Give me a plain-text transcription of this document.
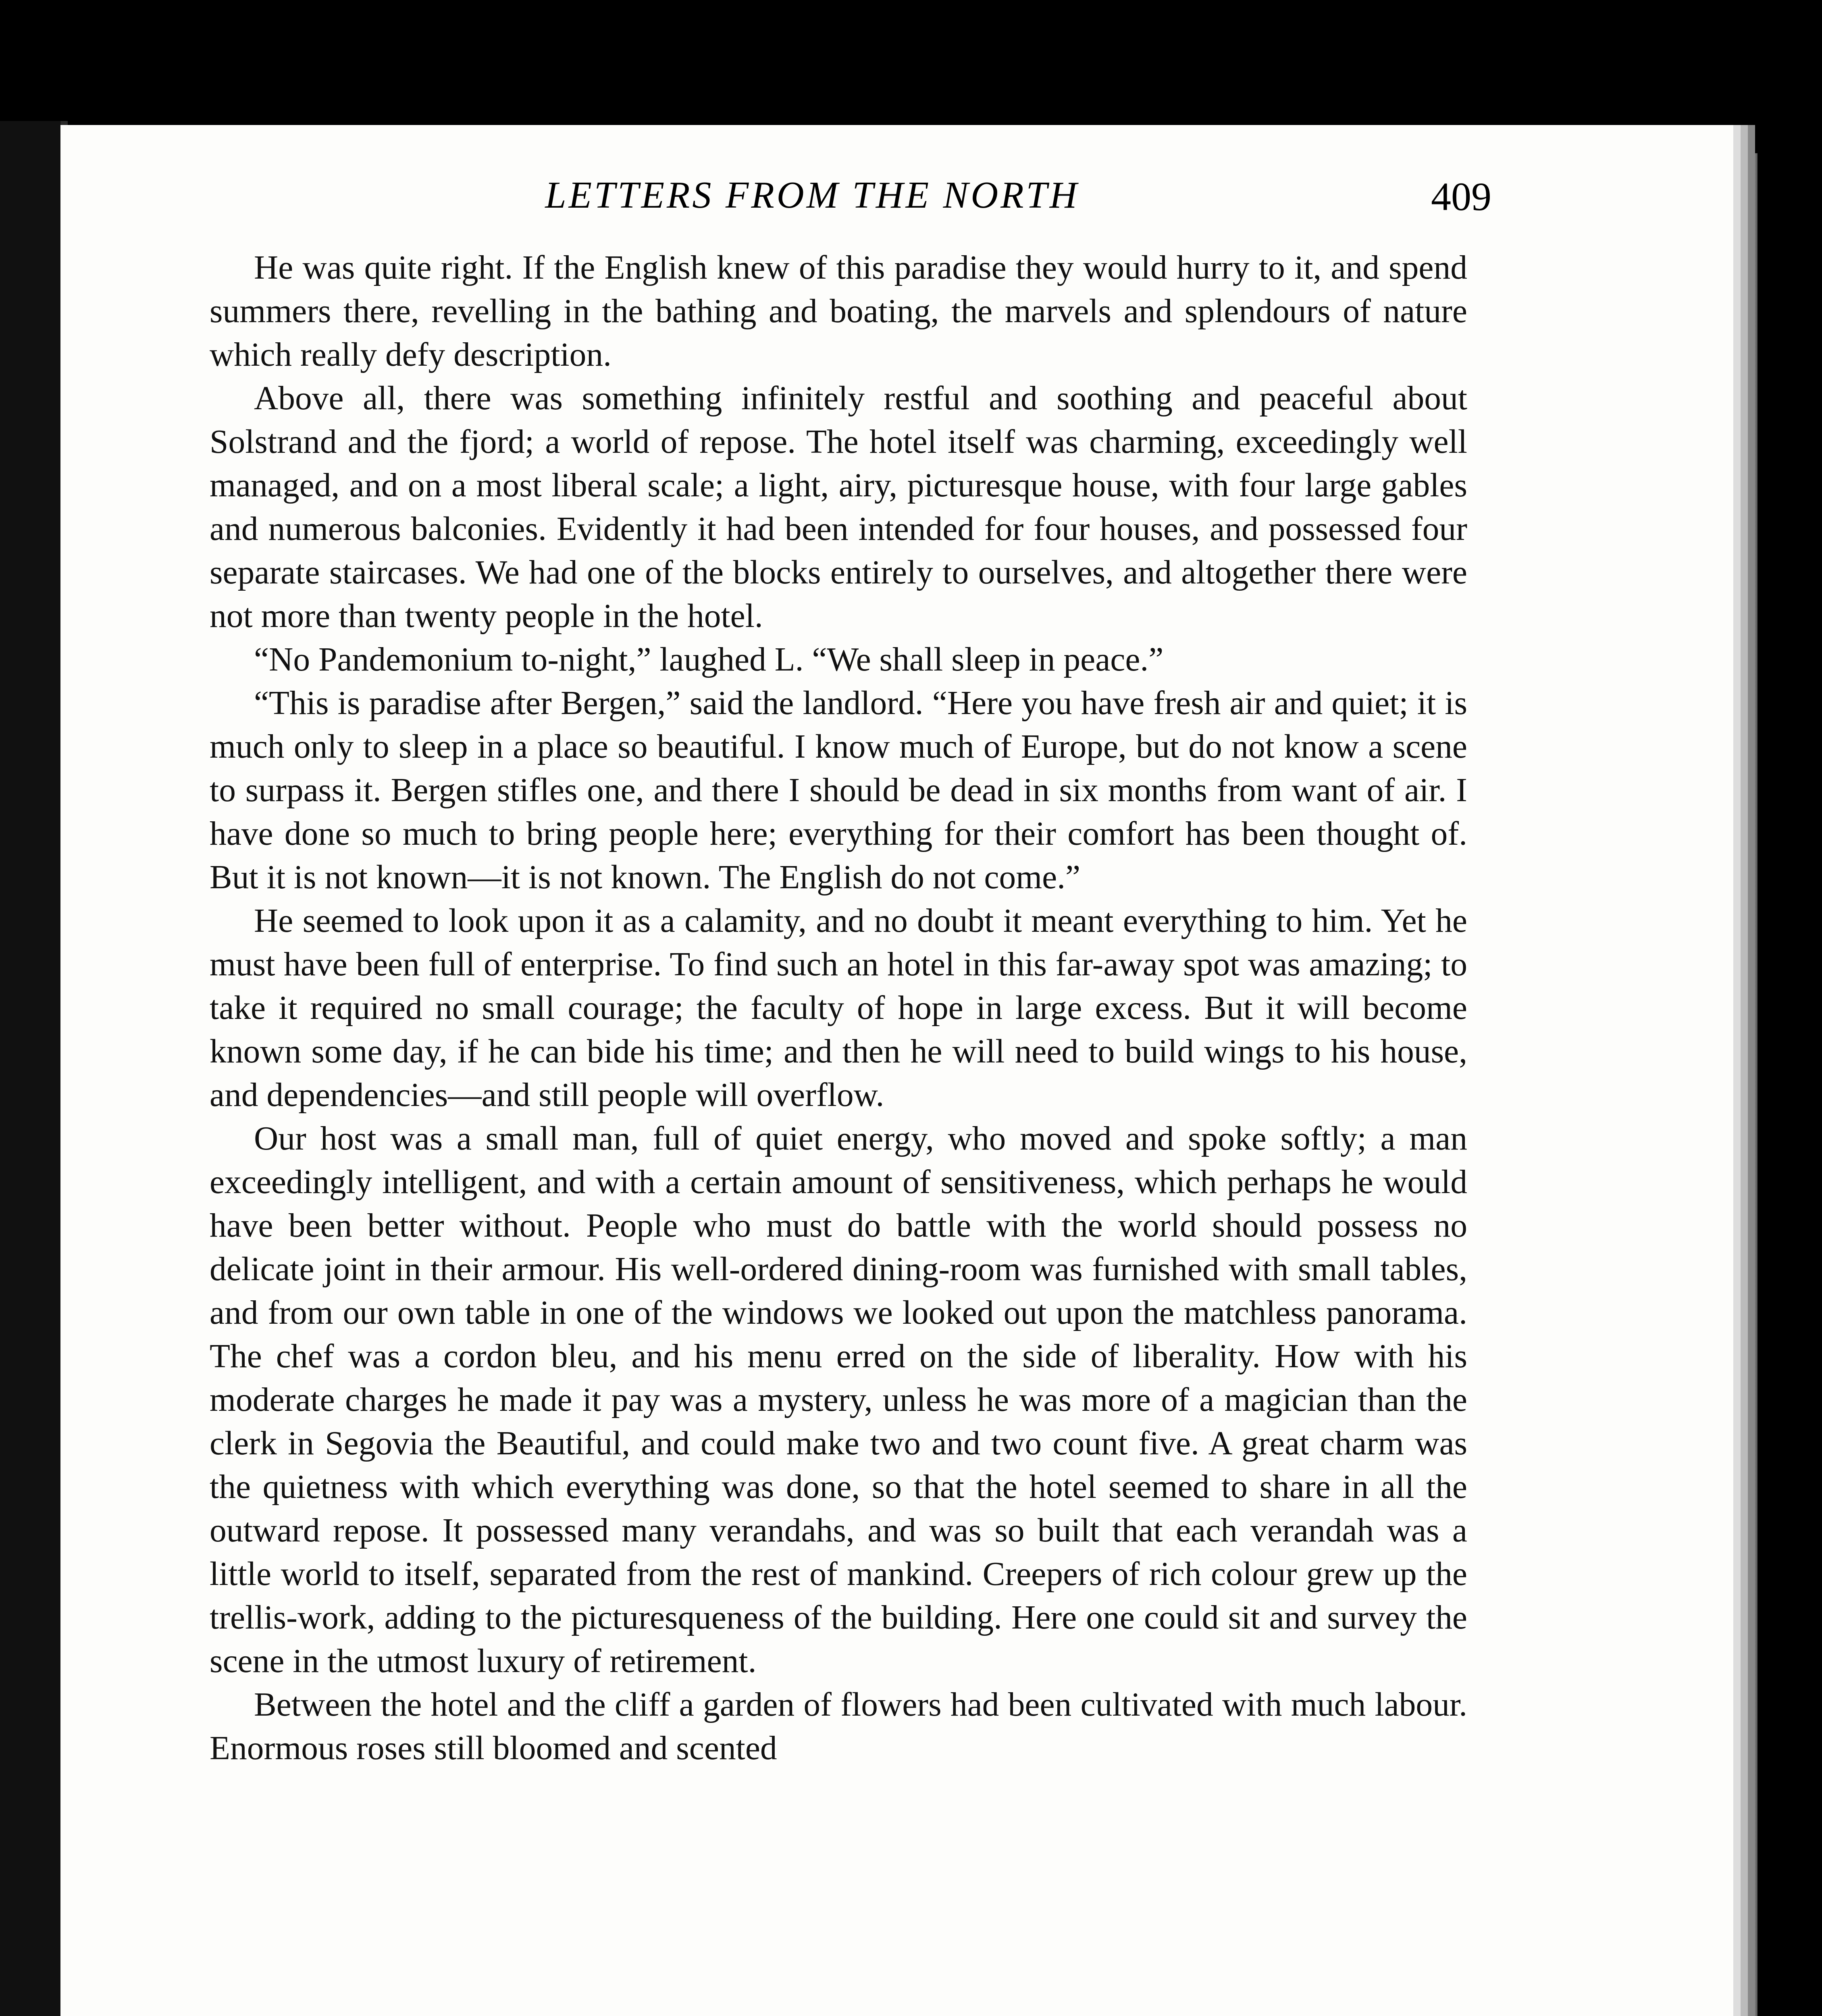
LETTERS FROM THE NORTH	409

He was quite right. If the English knew of this paradise they would hurry to it, and spend summers there, revelling in the bathing and boating, the marvels and splendours of nature which really defy description.

Above all, there was something infinitely restful and soothing and peaceful about Solstrand and the fjord; a world of repose. The hotel itself was charming, exceedingly well managed, and on a most liberal scale; a light, airy, picturesque house, with four large gables and numerous balconies. Evidently it had been intended for four houses, and possessed four separate staircases. We had one of the blocks entirely to ourselves, and altogether there were not more than twenty people in the hotel.

“No Pandemonium to-night,” laughed L. “We shall sleep in peace.”

“This is paradise after Bergen,” said the landlord. “Here you have fresh air and quiet; it is much only to sleep in a place so beautiful. I know much of Europe, but do not know a scene to surpass it. Bergen stifles one, and there I should be dead in six months from want of air. I have done so much to bring people here; everything for their comfort has been thought of. But it is not known—it is not known. The English do not come.”

He seemed to look upon it as a calamity, and no doubt it meant everything to him. Yet he must have been full of enterprise. To find such an hotel in this far-away spot was amazing; to take it required no small courage; the faculty of hope in large excess. But it will become known some day, if he can bide his time; and then he will need to build wings to his house, and dependencies—and still people will overflow.

Our host was a small man, full of quiet energy, who moved and spoke softly; a man exceedingly intelligent, and with a certain amount of sensitiveness, which perhaps he would have been better without. People who must do battle with the world should possess no delicate joint in their armour. His well-ordered dining-room was furnished with small tables, and from our own table in one of the windows we looked out upon the matchless panorama. The chef was a cordon bleu, and his menu erred on the side of liberality. How with his moderate charges he made it pay was a mystery, unless he was more of a magician than the clerk in Segovia the Beautiful, and could make two and two count five. A great charm was the quietness with which everything was done, so that the hotel seemed to share in all the outward repose. It possessed many verandahs, and was so built that each verandah was a little world to itself, separated from the rest of mankind. Creepers of rich colour grew up the trellis-work, adding to the picturesqueness of the building. Here one could sit and survey the scene in the utmost luxury of retirement.

Between the hotel and the cliff a garden of flowers had been cultivated with much labour. Enormous roses still bloomed and scented
